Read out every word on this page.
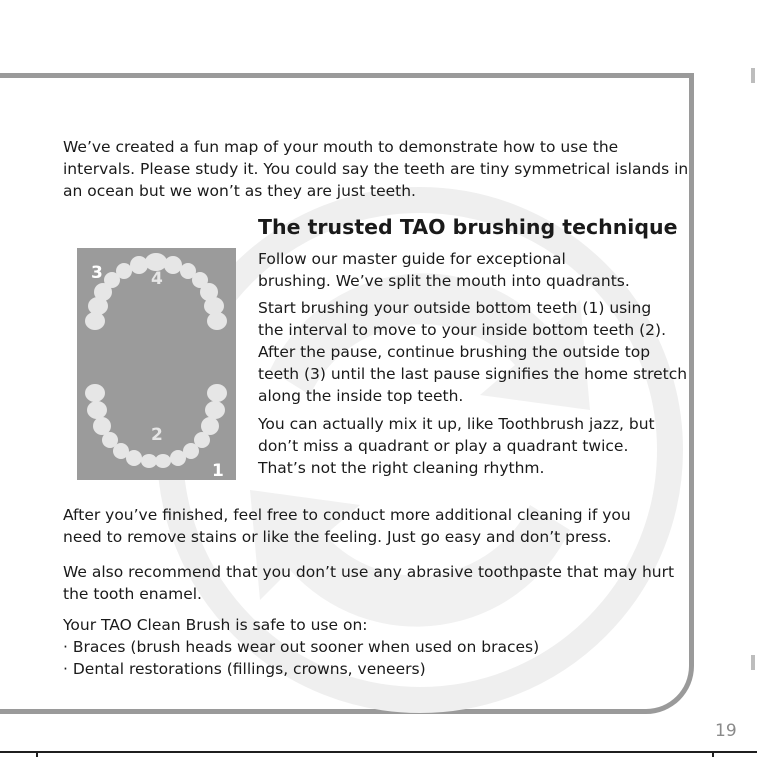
We’ve created a fun map of your mouth to demonstrate how to use the

intervals. Please study it. You could say the teeth are tiny symmetrical islands in

an ocean but we won’t as they are just teeth.

The trusted TAO brushing technique

Follow our master guide for exceptional

brushing. We’ve split the mouth into quadrants.

Start brushing your outside bottom teeth (1) using

the interval to move to your inside bottom teeth (2).

After the pause, continue brushing the outside top

teeth (3) until the last pause signifies the home stretch

along the inside top teeth.

You can actually mix it up, like Toothbrush jazz, but

don’t miss a quadrant or play a quadrant twice.

That’s not the right cleaning rhythm.

3	4
2
1

After you’ve finished, feel free to conduct more additional cleaning if you

need to remove stains or like the feeling. Just go easy and don’t press.

We also recommend that you don’t use any abrasive toothpaste that may hurt

the tooth enamel.

Your TAO Clean Brush is safe to use on:

· Braces (brush heads wear out sooner when used on braces)

· Dental restorations (fillings, crowns, veneers)

19
